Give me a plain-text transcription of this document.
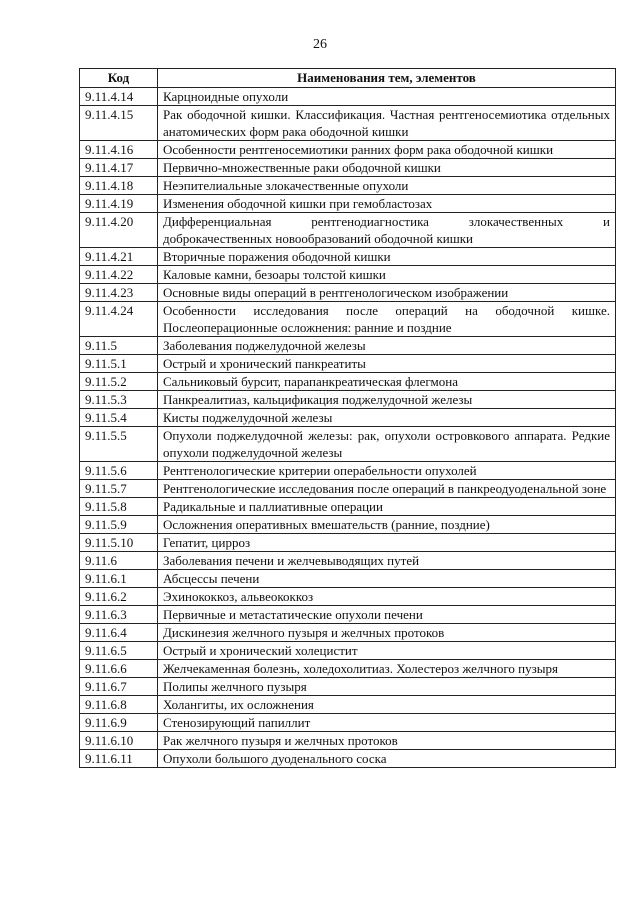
26
Код	Наименования тем, элементов
9.11.4.14	Карцноидные опухоли
9.11.4.15	Рак ободочной кишки. Классификация. Частная рентгеносемиотика отдельных анатомических форм рака ободочной кишки
9.11.4.16	Особенности рентгеносемиотики ранних форм рака ободочной кишки
9.11.4.17	Первично-множественные раки ободочной кишки
9.11.4.18	Неэпителиальные злокачественные опухоли
9.11.4.19	Изменения ободочной кишки при гемобластозах
9.11.4.20	Дифференциальная рентгенодиагностика злокачественных и доброкачественных новообразований ободочной кишки
9.11.4.21	Вторичные поражения ободочной кишки
9.11.4.22	Каловые камни, безоары толстой кишки
9.11.4.23	Основные виды операций в рентгенологическом изображении
9.11.4.24	Особенности исследования после операций на ободочной кишке. Послеоперационные осложнения: ранние и поздние
9.11.5	Заболевания поджелудочной железы
9.11.5.1	Острый и хронический панкреатиты
9.11.5.2	Сальниковый бурсит, парапанкреатическая флегмона
9.11.5.3	Панкреалитиаз, кальцификация поджелудочной железы
9.11.5.4	Кисты поджелудочной железы
9.11.5.5	Опухоли поджелудочной железы: рак, опухоли островкового аппарата. Редкие опухоли поджелудочной железы
9.11.5.6	Рентгенологические критерии операбельности опухолей
9.11.5.7	Рентгенологические исследования после операций в панкреодуоденальной зоне
9.11.5.8	Радикальные и паллиативные операции
9.11.5.9	Осложнения оперативных вмешательств (ранние, поздние)
9.11.5.10	Гепатит, цирроз
9.11.6	Заболевания печени и желчевыводящих путей
9.11.6.1	Абсцессы печени
9.11.6.2	Эхинококкоз, альвеококкоз
9.11.6.3	Первичные и метастатические опухоли печени
9.11.6.4	Дискинезия желчного пузыря и желчных протоков
9.11.6.5	Острый и хронический холецистит
9.11.6.6	Желчекаменная болезнь, холедохолитиаз. Холестероз желчного пузыря
9.11.6.7	Полипы желчного пузыря
9.11.6.8	Холангиты, их осложнения
9.11.6.9	Стенозирующий папиллит
9.11.6.10	Рак желчного пузыря и желчных протоков
9.11.6.11	Опухоли большого дуоденального соска
